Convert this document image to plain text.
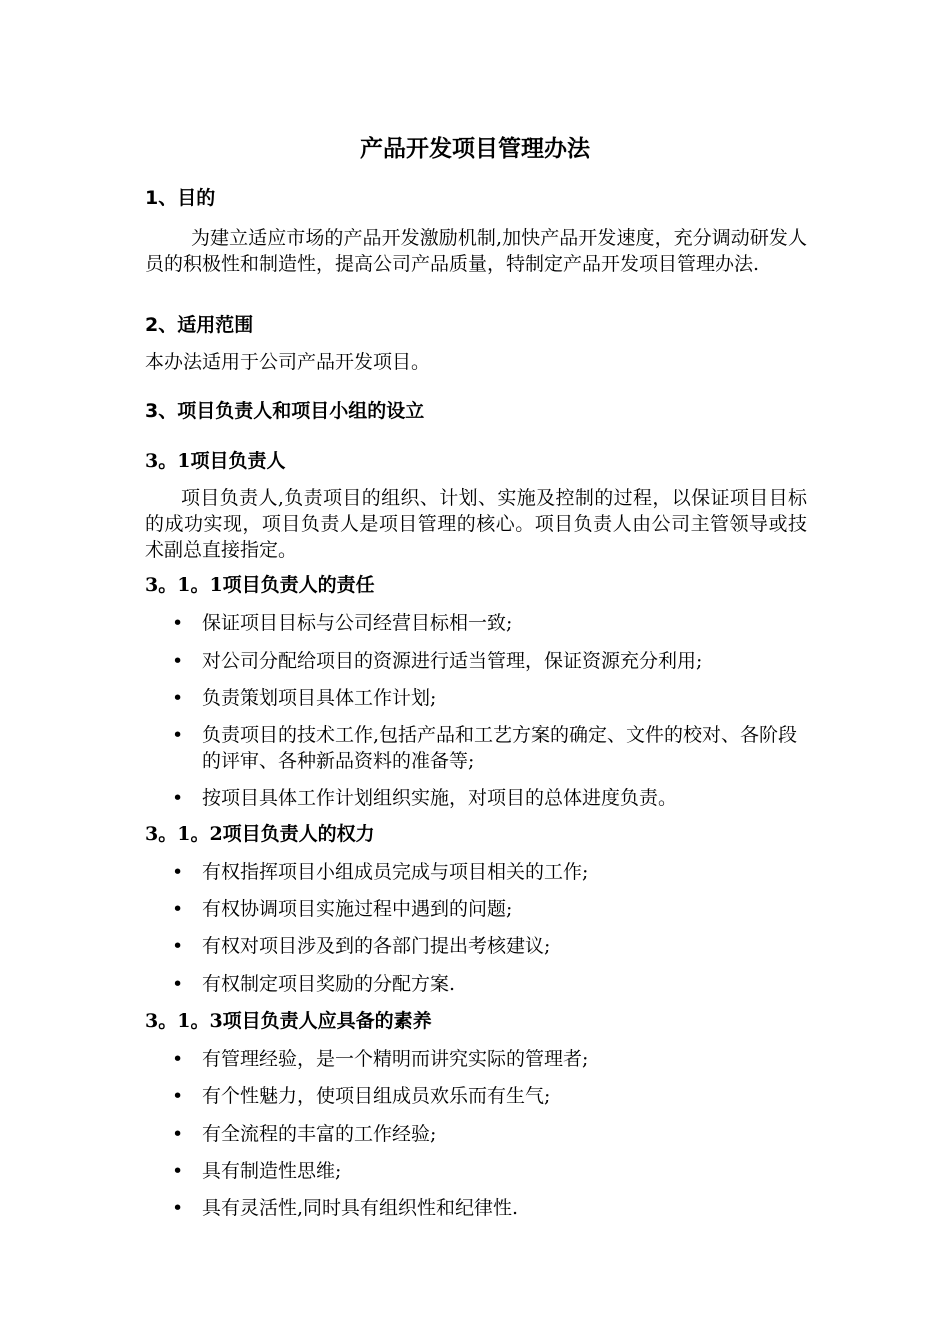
产品开发项目管理办法
1、目的

为建立适应市场的产品开发激励机制,加快产品开发速度，充分调动研发人员的积极性和制造性，提高公司产品质量，特制定产品开发项目管理办法.

2、适用范围

本办法适用于公司产品开发项目。

3、项目负责人和项目小组的设立
3。1项目负责人

项目负责人,负责项目的组织、计划、实施及控制的过程，以保证项目目标的成功实现，项目负责人是项目管理的核心。项目负责人由公司主管领导或技术副总直接指定。

3。1。1项目负责人的责任
• 保证项目目标与公司经营目标相一致;
• 对公司分配给项目的资源进行适当管理，保证资源充分利用;
• 负责策划项目具体工作计划;
• 负责项目的技术工作,包括产品和工艺方案的确定、文件的校对、各阶段的评审、各种新品资料的准备等;
• 按项目具体工作计划组织实施，对项目的总体进度负责。
3。1。2项目负责人的权力
• 有权指挥项目小组成员完成与项目相关的工作;
• 有权协调项目实施过程中遇到的问题;
• 有权对项目涉及到的各部门提出考核建议;
• 有权制定项目奖励的分配方案.
3。1。3项目负责人应具备的素养
• 有管理经验，是一个精明而讲究实际的管理者;
• 有个性魅力，使项目组成员欢乐而有生气;
• 有全流程的丰富的工作经验;
• 具有制造性思维;
• 具有灵活性,同时具有组织性和纪律性.
